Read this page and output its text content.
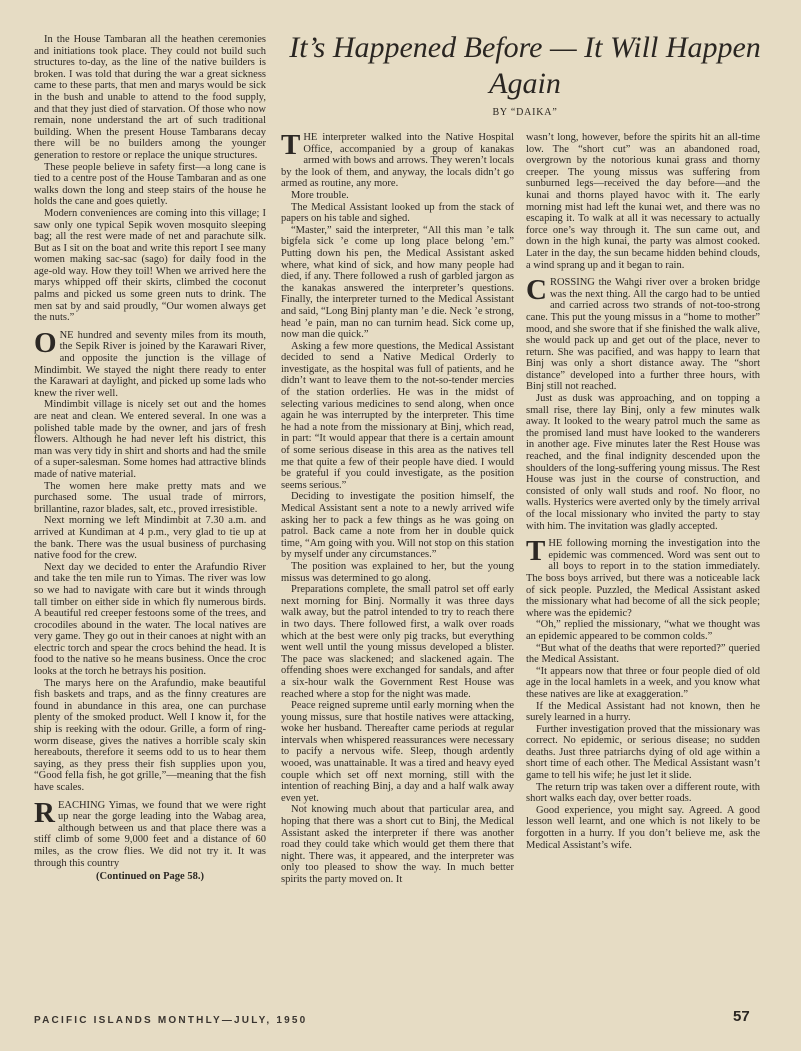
In the House Tambaran all the heathen ceremonies and initiations took place. They could not build such structures to-day, as the line of the native builders is broken. I was told that during the war a great sickness came to these parts, that men and marys would be sick in the bush and unable to attend to the food supply, and that they just died of starvation. Of those who now remain, none understand the art of such traditional building. When the present House Tambarans decay there will be no builders among the younger generation to restore or replace the unique structures.

These people believe in safety first—a long cane is tied to a centre post of the House Tambaran and as one walks down the long and steep stairs of the house he holds the cane and goes quietly.

Modern conveniences are coming into this village; I saw only one typical Sepik woven mosquito sleeping bag; all the rest were made of net and parachute silk. But as I sit on the boat and write this report I see many women making sac-sac (sago) for daily food in the age-old way. How they toil! When we arrived here the marys whipped off their skirts, climbed the coconut palms and picked us some green nuts to drink. The men sat by and said proudly, “Our women always get the nuts.”

ONE hundred and seventy miles from its mouth, the Sepik River is joined by the Karawari River, and opposite the junction is the village of Mindimbit. We stayed the night there ready to enter the Karawari at daylight, and picked up some lads who knew the river well.

Mindimbit village is nicely set out and the homes are neat and clean. We entered several. In one was a polished table made by the owner, and jars of fresh flowers. Although he had never left his district, this man was very tidy in shirt and shorts and had the smile of a super-salesman. Some homes had attractive blinds made of native material.

The women here make pretty mats and we purchased some. The usual trade of mirrors, brillantine, razor blades, salt, etc., proved irresistible.

Next morning we left Mindimbit at 7.30 a.m. and arrived at Kundiman at 4 p.m., very glad to tie up at the bank. There was the usual business of purchasing native food for the crew.

Next day we decided to enter the Arafundio River and take the ten mile run to Yimas. The river was low so we had to navigate with care but it winds through tall timber on either side in which fly numerous birds. A beautiful red creeper festoons some of the trees, and crocodiles abound in the water. The local natives are very game. They go out in their canoes at night with an electric torch and spear the crocs behind the head. It is food to the native so he means business. Once the croc looks at the torch he betrays his position.

The marys here on the Arafundio, make beautiful fish baskets and traps, and as the finny creatures are found in abundance in this area, one can purchase plenty of the smoked product. Well I know it, for the ship is reeking with the odour. Grille, a form of ring-worm disease, gives the natives a horrible scaly skin hereabouts, therefore it seems odd to us to hear them saying, as they press their fish supplies upon you, “Good fella fish, he got grille,”—meaning that the fish have scales.

REACHING Yimas, we found that we were right up near the gorge leading into the Wabag area, although between us and that place there was a stiff climb of some 9,000 feet and a distance of 60 miles, as the crow flies. We did not try it. It was through this country

(Continued on Page 58.)

It’s Happened Before — It Will Happen Again
BY “DAIKA”

THE interpreter walked into the Native Hospital Office, accompanied by a group of kanakas armed with bows and arrows. They weren’t locals by the look of them, and anyway, the locals didn’t go armed as routine, any more.

More trouble.

The Medical Assistant looked up from the stack of papers on his table and sighed.

“Master,” said the interpreter, “All this man ’e talk bigfela sick ’e come up long place belong ’em.” Putting down his pen, the Medical Assistant asked where, what kind of sick, and how many people had died, if any. There followed a rush of garbled jargon as the kanakas answered the interpreter’s questions. Finally, the interpreter turned to the Medical Assistant and said, “Long Binj planty man ’e die. Neck ’e strong, head ’e pain, man no can turnim head. Sick come up, now man die quick.”

Asking a few more questions, the Medical Assistant decided to send a Native Medical Orderly to investigate, as the hospital was full of patients, and he didn’t want to leave them to the not-so-tender mercies of the station orderlies. He was in the midst of selecting various medicines to send along, when once again he was interrupted by the interpreter. This time he had a note from the missionary at Binj, which read, in part: “It would appear that there is a certain amount of some serious disease in this area as the natives tell me that quite a few of their people have died. I would be grateful if you could investigate, as the position seems serious.”

Deciding to investigate the position himself, the Medical Assistant sent a note to a newly arrived wife asking her to pack a few things as he was going on patrol. Back came a note from her in double quick time, “Am going with you. Will not stop on this station by myself under any circumstances.”

The position was explained to her, but the young missus was determined to go along.

Preparations complete, the small patrol set off early next morning for Binj. Normally it was three days walk away, but the patrol intended to try to reach there in two days. There followed first, a walk over roads which at the best were only pig tracks, but everything went well until the young missus developed a blister. The pace was slackened; and slackened again. The offending shoes were exchanged for sandals, and after a six-hour walk the Government Rest House was reached where a stop for the night was made.

Peace reigned supreme until early morning when the young missus, sure that hostile natives were attacking, woke her husband. Thereafter came periods at regular intervals when whispered reassurances were necessary to pacify a nervous wife. Sleep, though ardently wooed, was unattainable. It was a tired and heavy eyed couple which set off next morning, still with the intention of reaching Binj, a day and a half walk away even yet.

Not knowing much about that particular area, and hoping that there was a short cut to Binj, the Medical Assistant asked the interpreter if there was another road they could take which would get them there that night. There was, it appeared, and the interpreter was only too pleased to show the way. In much better spirits the party moved on. It

wasn’t long, however, before the spirits hit an all-time low. The “short cut” was an abandoned road, overgrown by the notorious kunai grass and thorny creeper. The young missus was suffering from sunburned legs—received the day before—and the kunai and thorns played havoc with it. The early morning mist had left the kunai wet, and there was no escaping it. To walk at all it was necessary to actually force one’s way through it. The sun came out, and down in the high kunai, the party was almost cooked. Later in the day, the sun became hidden behind clouds, a wind sprang up and it began to rain.

CROSSING the Wahgi river over a broken bridge was the next thing. All the cargo had to be untied and carried across two strands of not-too-strong cane. This put the young missus in a “home to mother” mood, and she swore that if she finished the walk alive, she would pack up and get out of the place, never to return. She was pacified, and was happy to learn that Binj was only a short distance away. The “short distance” developed into a further three hours, with Binj still not reached.

Just as dusk was approaching, and on topping a small rise, there lay Binj, only a few minutes walk away. It looked to the weary patrol much the same as the promised land must have looked to the wanderers in another age. Five minutes later the Rest House was reached, and the final indignity descended upon the shoulders of the long-suffering young missus. The Rest House was just in the course of construction, and consisted of only wall studs and roof. No floor, no walls. Hysterics were averted only by the timely arrival of the local missionary who invited the party to stay with him. The invitation was gladly accepted.

THE following morning the investigation into the epidemic was commenced. Word was sent out to all boys to report in to the station immediately. The boss boys arrived, but there was a noticeable lack of sick people. Puzzled, the Medical Assistant asked the missionary what had become of all the sick people; where was the epidemic?

“Oh,” replied the missionary, “what we thought was an epidemic appeared to be common colds.”

“But what of the deaths that were reported?” queried the Medical Assistant.

“It appears now that three or four people died of old age in the local hamlets in a week, and you know what these natives are like at exaggeration.”

If the Medical Assistant had not known, then he surely learned in a hurry.

Further investigation proved that the missionary was correct. No epidemic, or serious disease; no sudden deaths. Just three patriarchs dying of old age within a short time of each other. The Medical Assistant wasn’t game to tell his wife; he just let it slide.

The return trip was taken over a different route, with short walks each day, over better roads.

Good experience, you might say. Agreed. A good lesson well learnt, and one which is not likely to be forgotten in a hurry. If you don’t believe me, ask the Medical Assistant’s wife.

PACIFIC ISLANDS MONTHLY—JULY, 1950	57
